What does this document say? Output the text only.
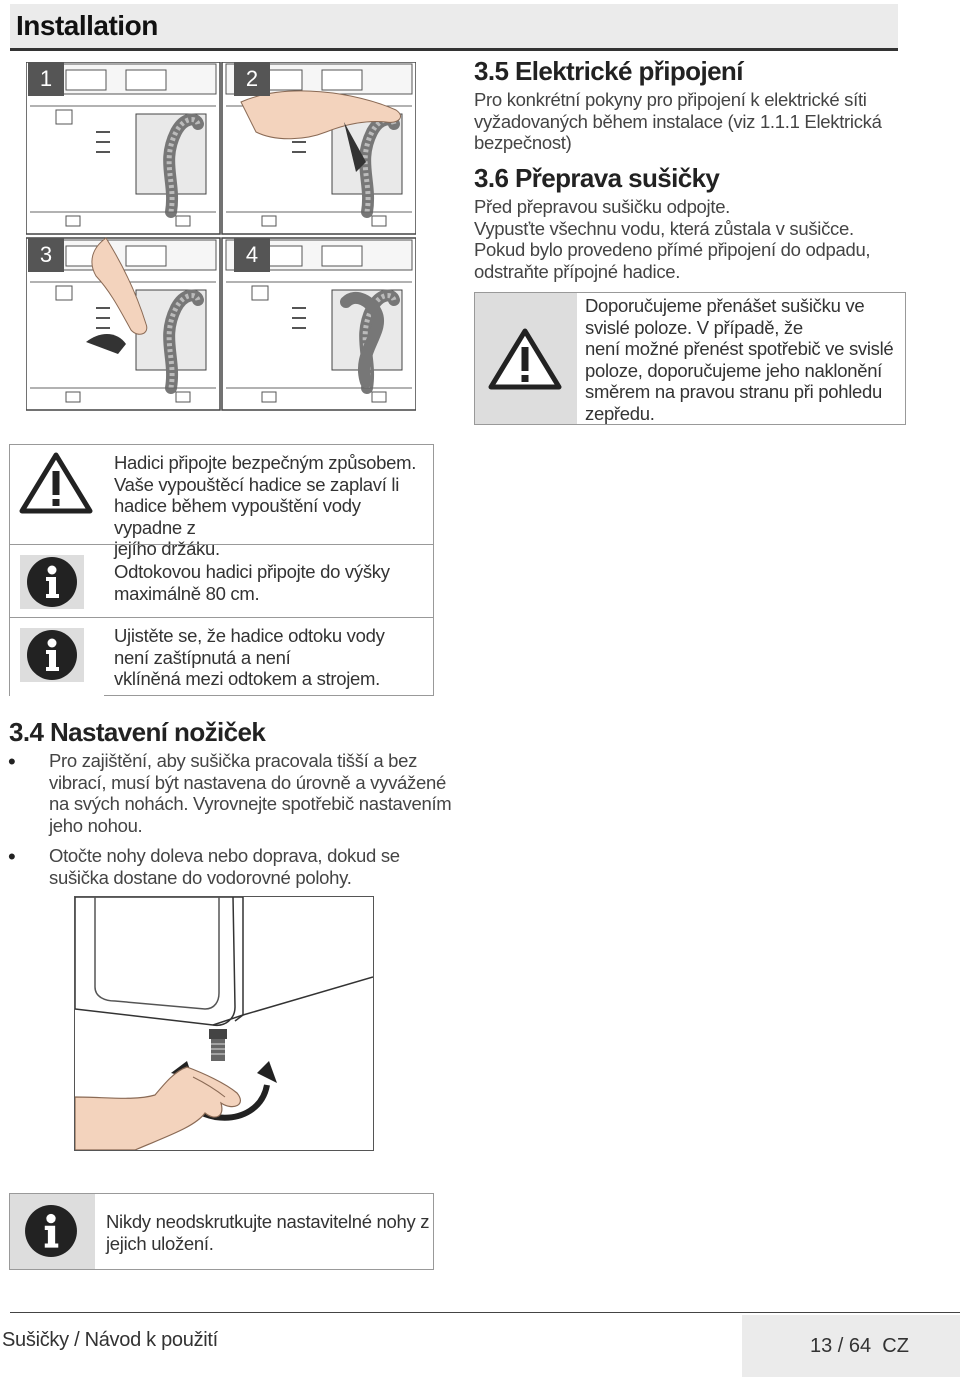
Installation
1	2
3	4
3.5 Elektrické připojení
Pro konkrétní pokyny pro připojení k elektrické síti
vyžadovaných během instalace (viz 1.1.1 Elektrická
bezpečnost)
3.6 Přeprava sušičky
Před přepravou sušičku odpojte.
Vypusťte všechnu vodu, která zůstala v sušičce.
Pokud bylo provedeno přímé připojení do odpadu,
odstraňte přípojné hadice.
Doporučujeme přenášet sušičku ve
svislé poloze. V případě, že
není možné přenést spotřebič ve svislé
poloze, doporučujeme jeho naklonění
směrem na pravou stranu při pohledu
zepředu.
Hadici připojte bezpečným způsobem.
Vaše vypouštěcí hadice se zaplaví li
hadice během vypouštění vody vypadne z
jejího držáku.
Odtokovou hadici připojte do výšky
maximálně 80 cm.
Ujistěte se, že hadice odtoku vody
není zaštípnutá a není
vklíněná mezi odtokem a strojem.
3.4 Nastavení nožiček
• Pro zajištění, aby sušička pracovala tišší a bez
vibrací, musí být nastavena do úrovně a vyvážené
na svých nohách. Vyrovnejte spotřebič nastavením
jeho nohou.
• Otočte nohy doleva nebo doprava, dokud se
sušička dostane do vodorovné polohy.
Nikdy neodskrutkujte nastavitelné nohy z
jejich uložení.
Sušičky / Návod k použití	13 / 64  CZ
